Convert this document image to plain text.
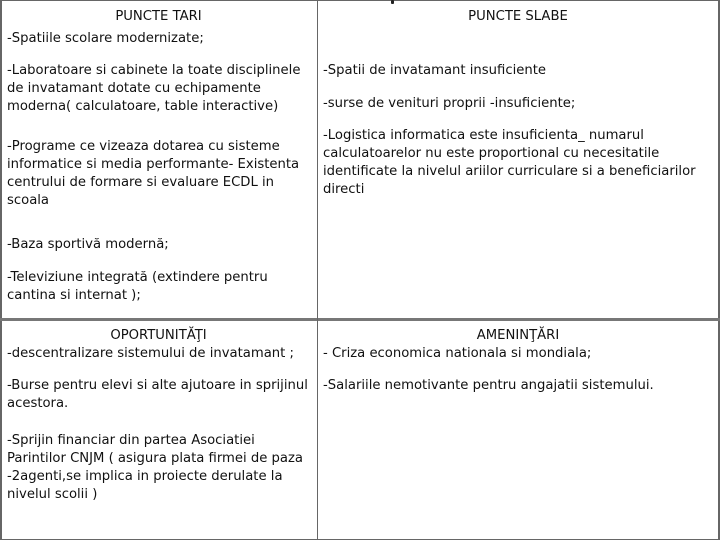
PUNCTE TARI

-Spatiile scolare modernizate;

-Laboratoare si cabinete la toate disciplinele de invatamant dotate cu echipamente moderna( calculatoare, table interactive)

-Programe ce vizeaza dotarea cu sisteme informatice si media performante- Existenta centrului de formare si evaluare ECDL in scoala

-Baza sportivă modernă;

-Televiziune integrată (extindere pentru cantina si internat );

PUNCTE SLABE

-Spatii de invatamant insuficiente

-surse de venituri proprii -insuficiente;

-Logistica informatica este insuficienta_ numarul calculatoarelor nu este proportional cu necesitatile identificate la nivelul ariilor curriculare si a beneficiarilor directi

OPORTUNITĂŢI

-descentralizare sistemului de invatamant ;

-Burse pentru elevi si alte ajutoare in sprijinul acestora.

-Sprijin financiar din partea Asociatiei Parintilor CNJM ( asigura plata firmei de paza -2agenti,se implica in proiecte derulate la nivelul scolii )

AMENINŢĂRI

- Criza economica nationala si mondiala;

-Salariile nemotivante pentru angajatii sistemului.
